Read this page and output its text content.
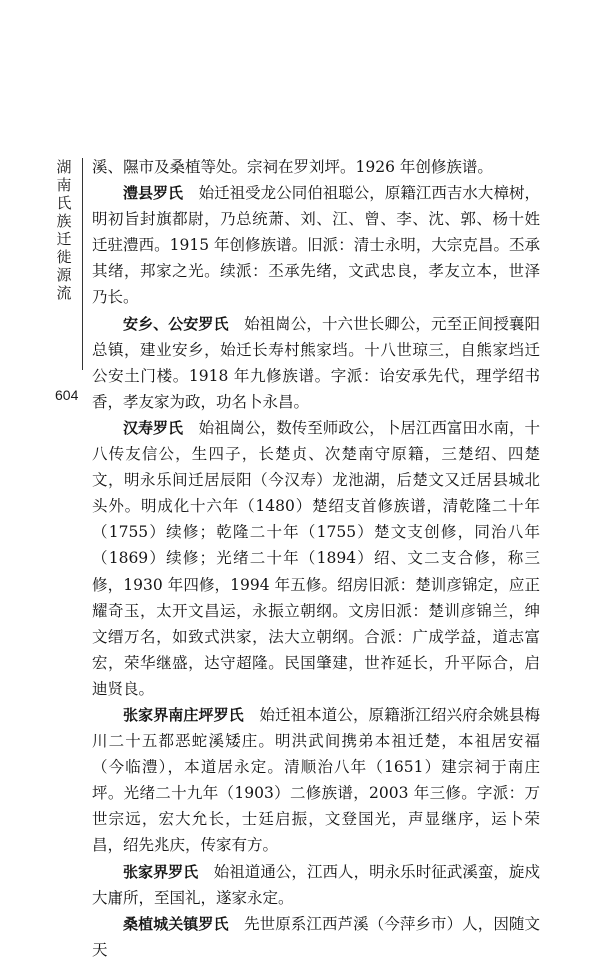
湖南氏族迁徙源流
604

溪、隰市及桑植等处。宗祠在罗刘坪。1926 年创修族谱。

澧县罗氏　 始迁祖受龙公同伯祖聪公，原籍江西吉水大樟树，明初旨封旗都尉，乃总统萧、刘、江、曾、李、沈、郭、杨十姓迁驻澧西。1915 年创修族谱。旧派：清士永明，大宗克昌。丕承其绪，邦家之光。续派：丕承先绪，文武忠良，孝友立本，世泽乃长。

安乡、公安罗氏　 始祖崗公，十六世长卿公，元至正间授襄阳总镇，建业安乡，始迁长寿村熊家垱。十八世琼三，自熊家垱迁公安土门楼。1918 年九修族谱。字派：诒安承先代，理学绍书香，孝友家为政，功名卜永昌。

汉寿罗氏　 始祖崗公，数传至师政公，卜居江西富田水南，十八传友信公，生四子，长楚贞、次楚南守原籍，三楚绍、四楚文，明永乐间迁居辰阳（今汉寿）龙池湖，后楚文又迁居县城北头外。明成化十六年（1480）楚绍支首修族谱，清乾隆二十年（1755）续修；乾隆二十年（1755）楚文支创修，同治八年（1869）续修；光绪二十年（1894）绍、文二支合修，称三修，1930 年四修，1994 年五修。绍房旧派：楚训彦锦定，应正耀奇玉，太开文昌运，永振立朝纲。文房旧派：楚训彦锦兰，绅文缙万名，如致式洪家，法大立朝纲。合派：广成学益，道志富宏，荣华继盛，达守超隆。民国肇建，世祚延长，升平际合，启迪贤良。

张家界南庄坪罗氏　 始迁祖本道公，原籍浙江绍兴府余姚县梅川二十五都恶蛇溪矮庄。明洪武间携弟本祖迁楚，本祖居安福（今临澧），本道居永定。清顺治八年（1651）建宗祠于南庄坪。光绪二十九年（1903）二修族谱，2003 年三修。字派：万世宗远，宏大允长，士廷启振，文登国光，声显继序，运卜荣昌，绍先兆庆，传家有方。

张家界罗氏　 始祖道通公，江西人，明永乐时征武溪蛮，旋戍大庸所，至国礼，遂家永定。

桑植城关镇罗氏　 先世原系江西芦溪（今萍乡市）人，因随文天
